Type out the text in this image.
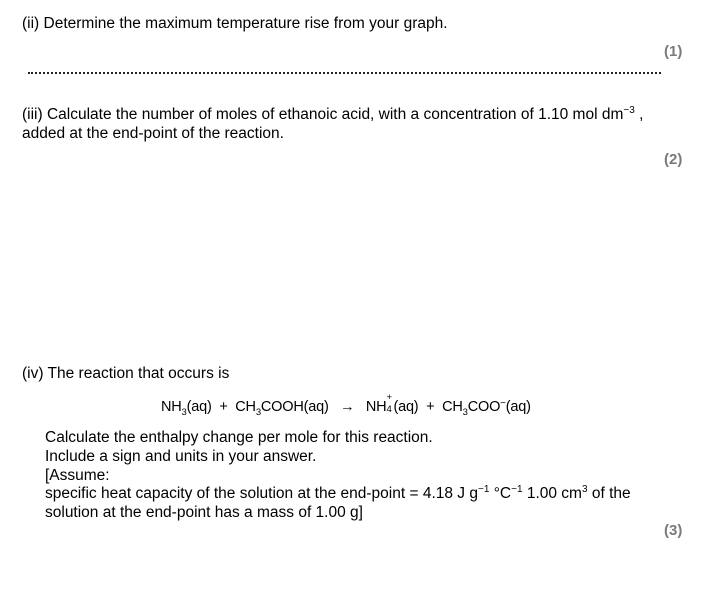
(ii) Determine the maximum temperature rise from your graph.
(1)
(iii) Calculate the number of moles of ethanoic acid, with a concentration of 1.10 mol $dm^{-3}$ ,
added at the end-point of the reaction.
(2)
(iv) The reaction that occurs is
$NH_3(aq)$ + $CH_3COOH(aq)$ → NH
+
4 $(aq) + CH_3COO^-(aq)$
Calculate the enthalpy change per mole for this reaction.
Include a sign and units in your answer.
[Assume:
specific heat capacity of the solution at the end-point = 4.18 J $g^{-1}$ $^\circ C^{-1}$ 1.00 $cm^3$ of the
solution at the end-point has a mass of 1.00 g]
(3)
